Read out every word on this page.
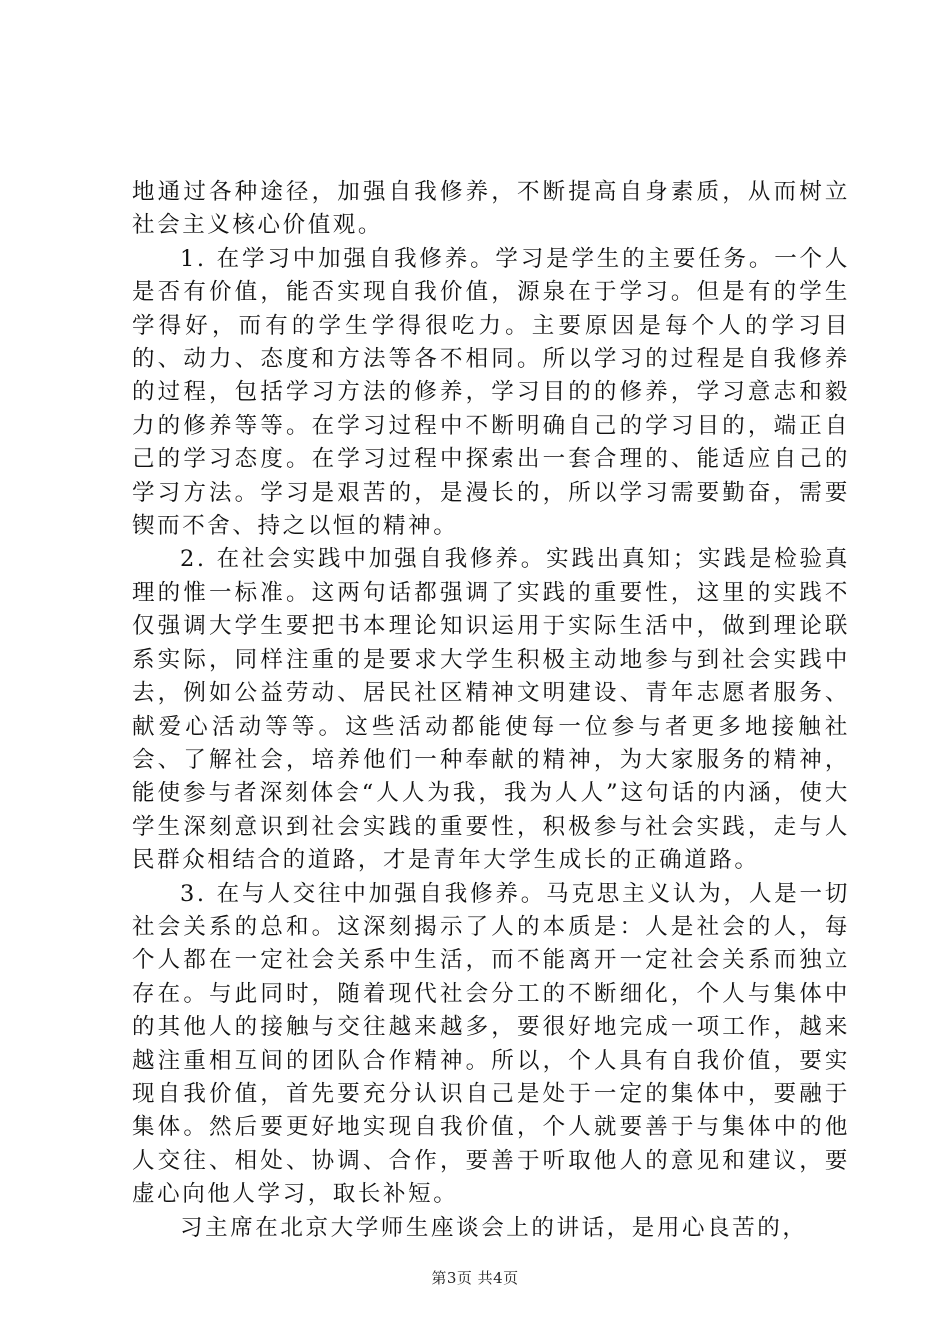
地通过各种途径，加强自我修养，不断提高自身素质，从而树立社会主义核心价值观。

1. 在学习中加强自我修养。学习是学生的主要任务。一个人是否有价值，能否实现自我价值，源泉在于学习。但是有的学生学得好，而有的学生学得很吃力。主要原因是每个人的学习目的、动力、态度和方法等各不相同。所以学习的过程是自我修养的过程，包括学习方法的修养，学习目的的修养，学习意志和毅力的修养等等。在学习过程中不断明确自己的学习目的，端正自己的学习态度。在学习过程中探索出一套合理的、能适应自己的学习方法。学习是艰苦的，是漫长的，所以学习需要勤奋，需要锲而不舍、持之以恒的精神。

2. 在社会实践中加强自我修养。实践出真知；实践是检验真理的惟一标准。这两句话都强调了实践的重要性，这里的实践不仅强调大学生要把书本理论知识运用于实际生活中，做到理论联系实际，同样注重的是要求大学生积极主动地参与到社会实践中去，例如公益劳动、居民社区精神文明建设、青年志愿者服务、献爱心活动等等。这些活动都能使每一位参与者更多地接触社会、了解社会，培养他们一种奉献的精神，为大家服务的精神，能使参与者深刻体会“人人为我，我为人人”这句话的内涵，使大学生深刻意识到社会实践的重要性，积极参与社会实践，走与人民群众相结合的道路，才是青年大学生成长的正确道路。

3. 在与人交往中加强自我修养。马克思主义认为，人是一切社会关系的总和。这深刻揭示了人的本质是：人是社会的人，每个人都在一定社会关系中生活，而不能离开一定社会关系而独立存在。与此同时，随着现代社会分工的不断细化，个人与集体中的其他人的接触与交往越来越多，要很好地完成一项工作，越来越注重相互间的团队合作精神。所以，个人具有自我价值，要实现自我价值，首先要充分认识自己是处于一定的集体中，要融于集体。然后要更好地实现自我价值，个人就要善于与集体中的他人交往、相处、协调、合作，要善于听取他人的意见和建议，要虚心向他人学习，取长补短。

习主席在北京大学师生座谈会上的讲话，是用心良苦的，

第3页 共4页
